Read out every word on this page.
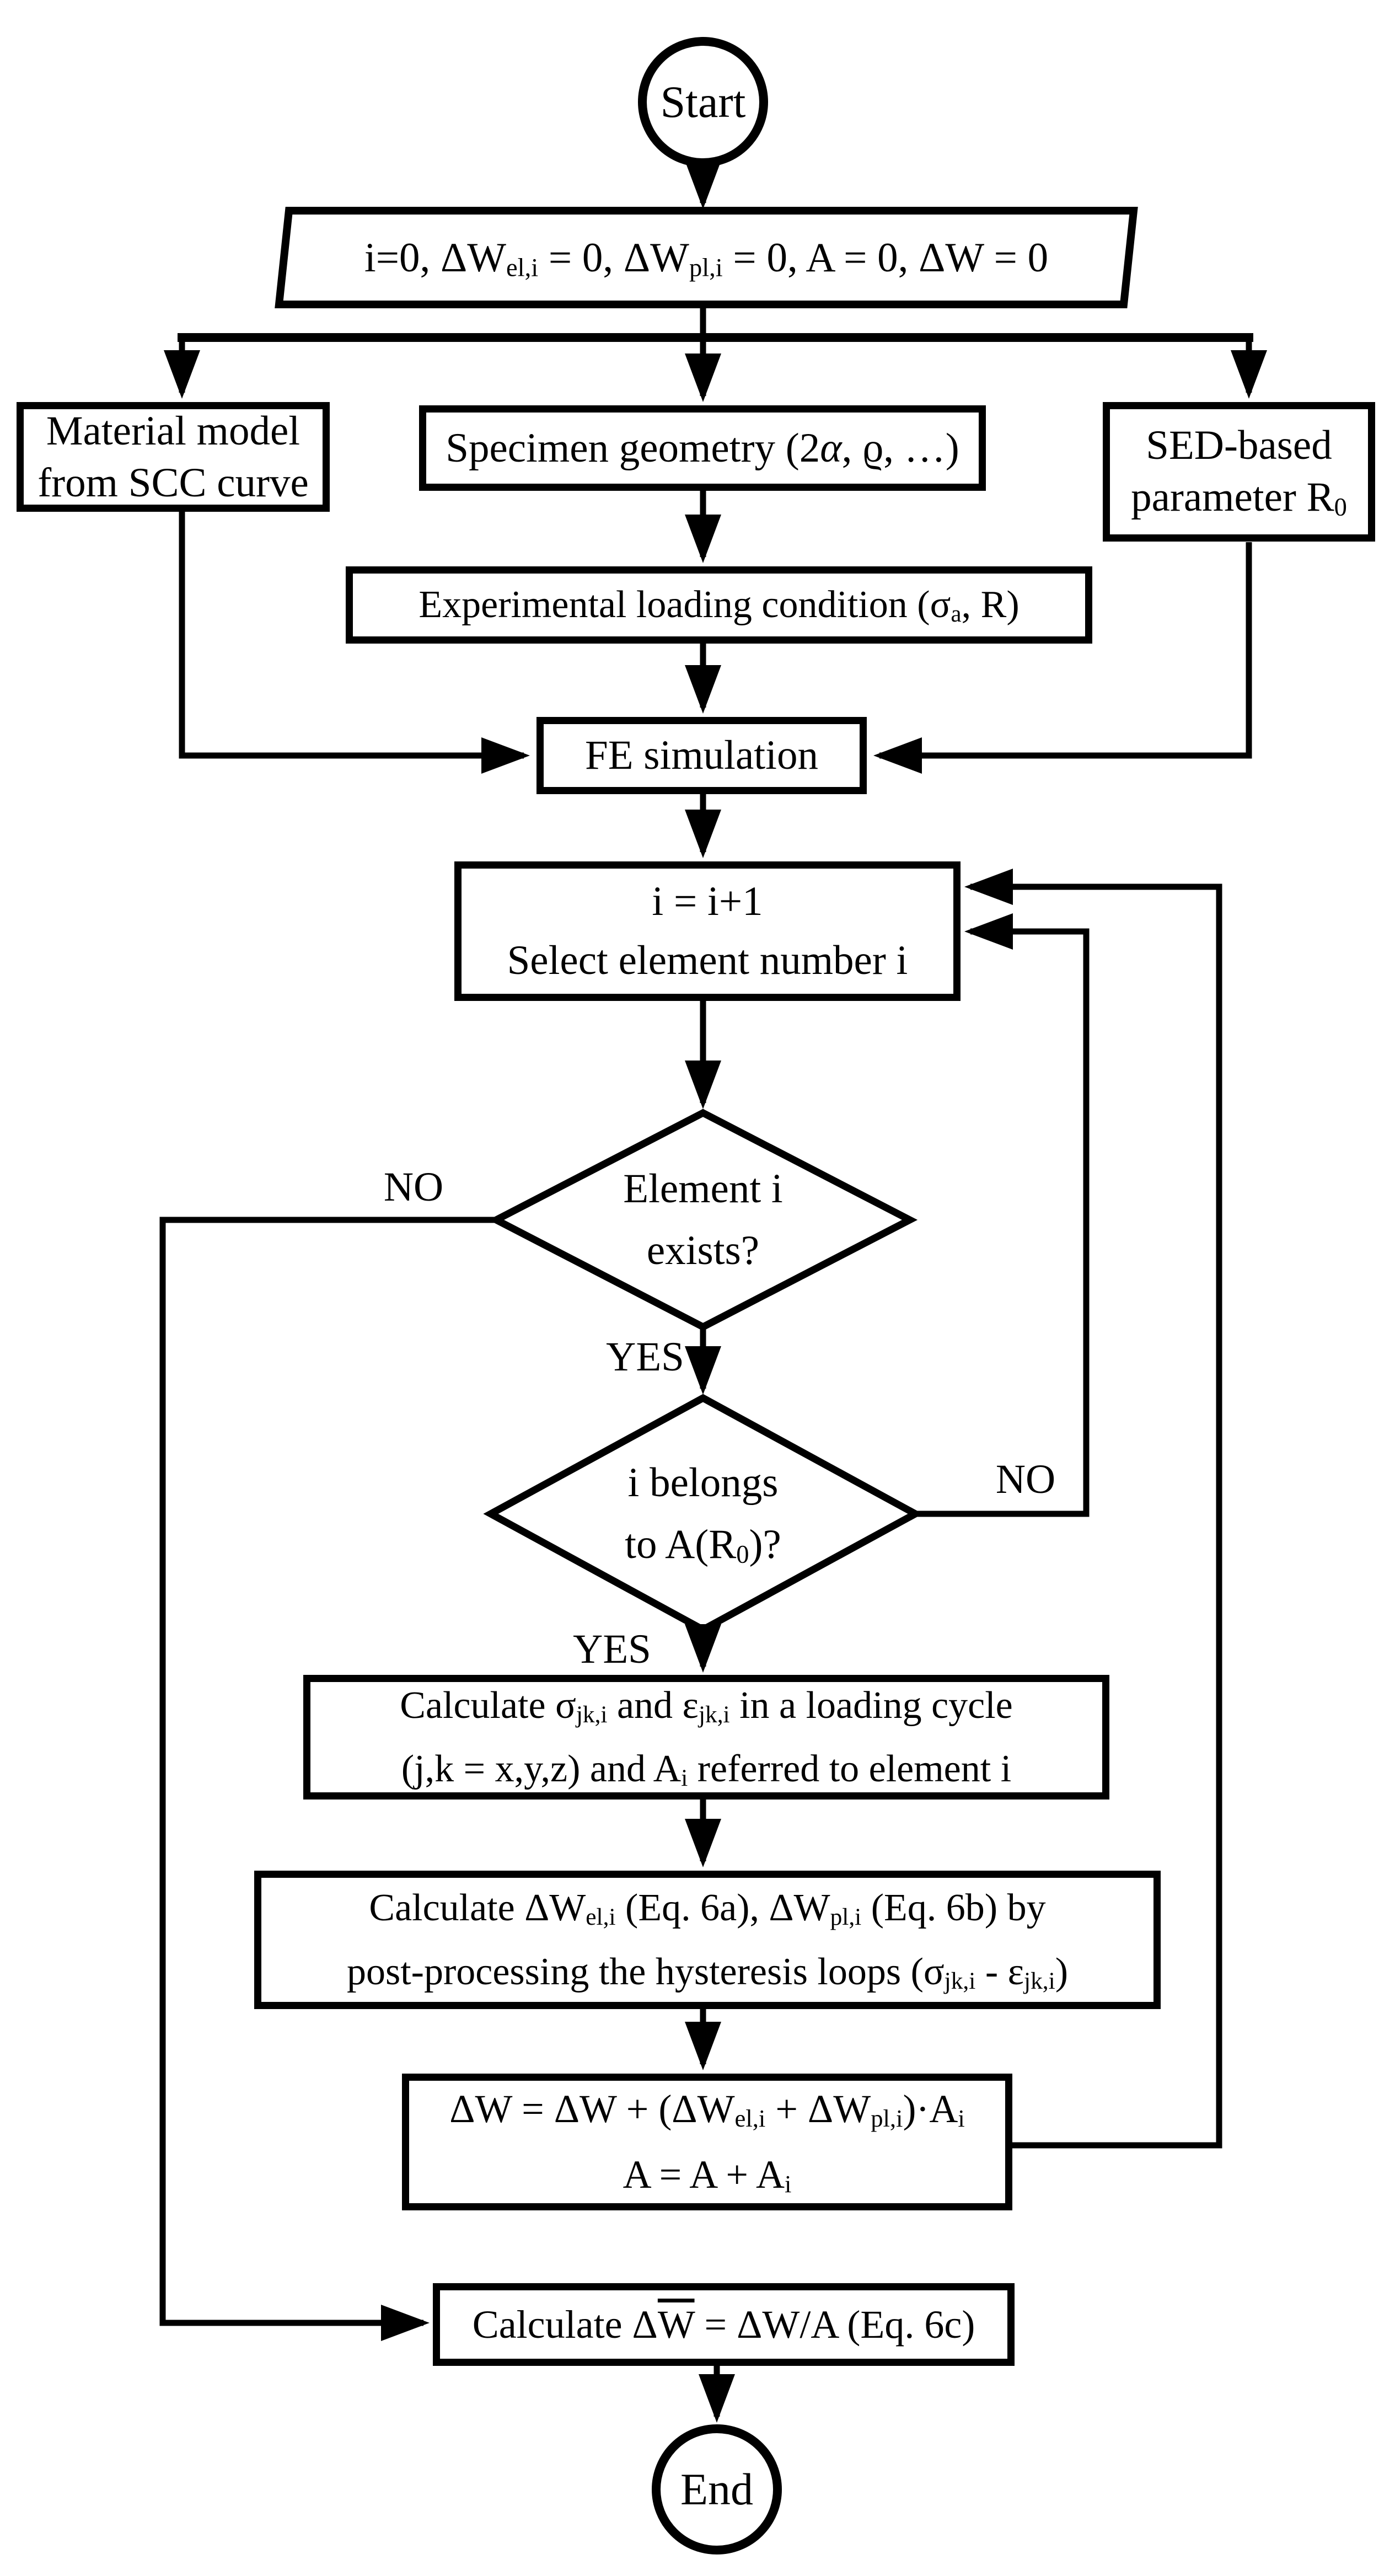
Start
i=0, ΔWel,i = 0, ΔWpl,i = 0, A = 0, ΔW = 0
Material model
from SCC curve
Specimen geometry (2α, ϱ, …)	SED-based
parameter R0
Experimental loading condition (σa, R)
FE simulation
i = i+1
Select element number i
Element i
exists?
i belongs
to A(R0)?
NO
YES
NO
YES
Calculate σjk,i and εjk,i in a loading cycle
(j,k = x,y,z) and Ai referred to element i
Calculate ΔWel,i (Eq. 6a), ΔWpl,i (Eq. 6b) by
post-processing the hysteresis loops (σjk,i - εjk,i)
ΔW = ΔW + (ΔWel,i + ΔWpl,i)·Ai
A = A + Ai
Calculate $\Delta\overline{W} = \Delta W/A$ (Eq. 6c)
End
